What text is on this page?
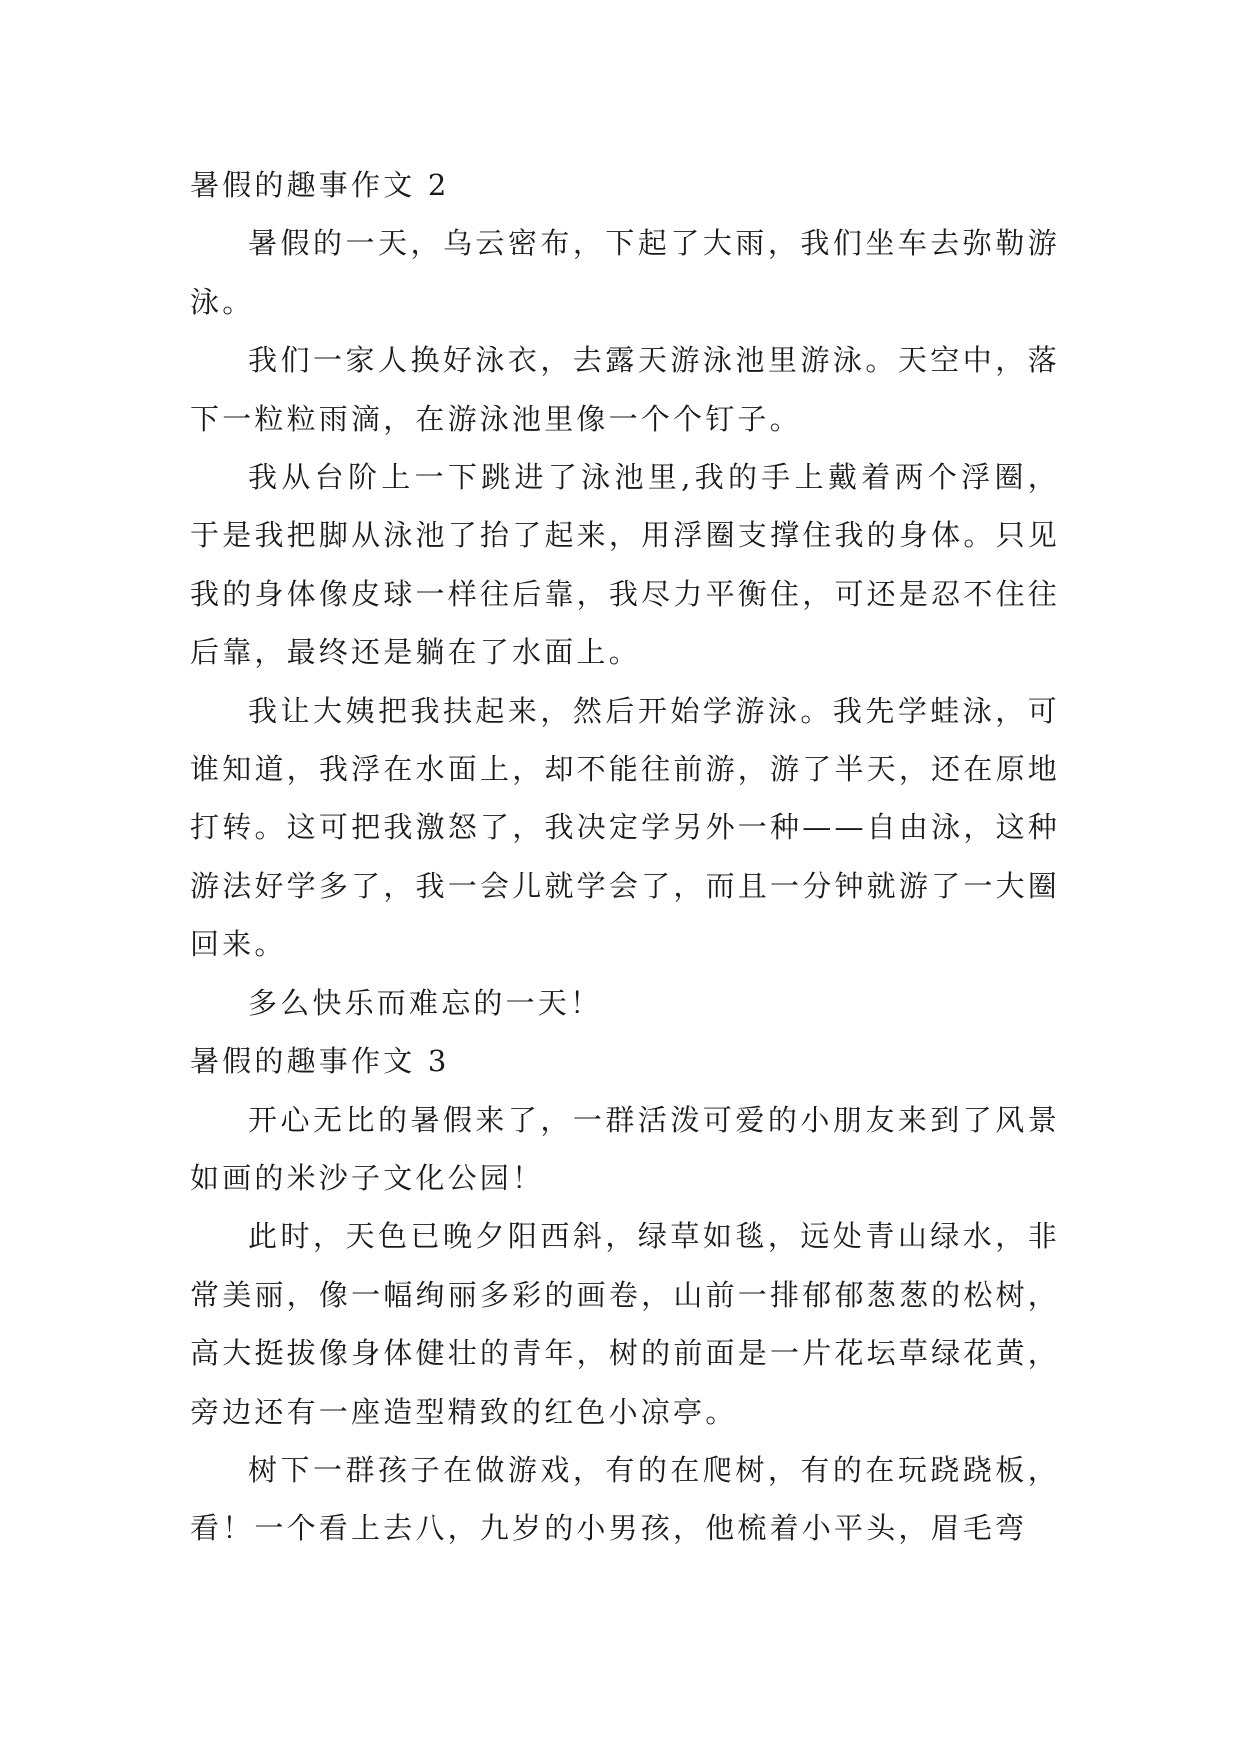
暑假的趣事作文 2

暑假的一天，乌云密布，下起了大雨，我们坐车去弥勒游泳。

我们一家人换好泳衣，去露天游泳池里游泳。天空中，落下一粒粒雨滴，在游泳池里像一个个钉子。

我从台阶上一下跳进了泳池里,我的手上戴着两个浮圈，于是我把脚从泳池了抬了起来，用浮圈支撑住我的身体。只见我的身体像皮球一样往后靠，我尽力平衡住，可还是忍不住往后靠，最终还是躺在了水面上。

我让大姨把我扶起来，然后开始学游泳。我先学蛙泳，可谁知道，我浮在水面上，却不能往前游，游了半天，还在原地打转。这可把我激怒了，我决定学另外一种——自由泳，这种游法好学多了，我一会儿就学会了，而且一分钟就游了一大圈回来。

多么快乐而难忘的一天！

暑假的趣事作文 3

开心无比的暑假来了，一群活泼可爱的小朋友来到了风景如画的米沙子文化公园！

此时，天色已晚夕阳西斜，绿草如毯，远处青山绿水，非常美丽，像一幅绚丽多彩的画卷，山前一排郁郁葱葱的松树，高大挺拔像身体健壮的青年，树的前面是一片花坛草绿花黄，旁边还有一座造型精致的红色小凉亭。

树下一群孩子在做游戏，有的在爬树，有的在玩跷跷板，看！一个看上去八，九岁的小男孩，他梳着小平头，眉毛弯
